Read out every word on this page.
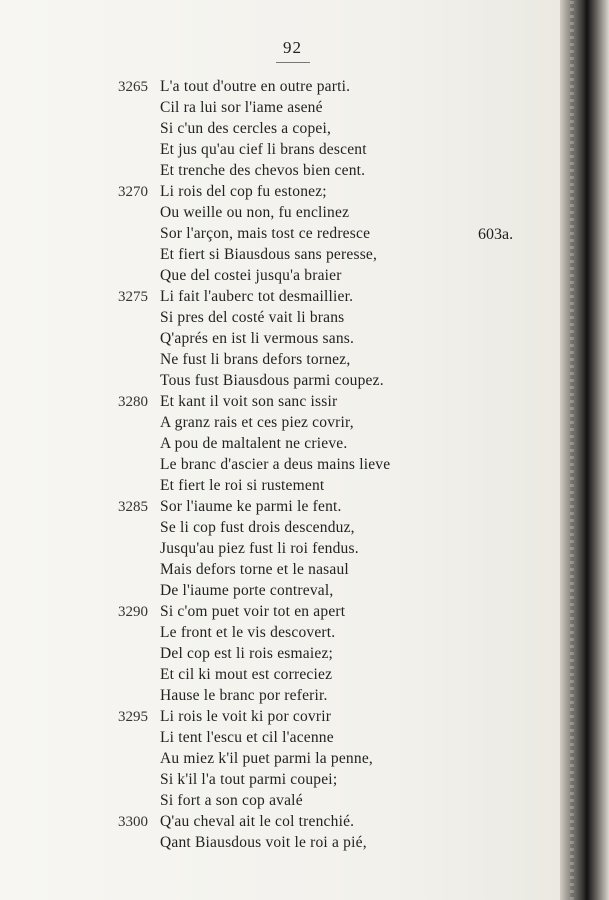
92
3265 L'a tout d'outre en outre parti.
Cil ra lui sor l'iame asené
Si c'un des cercles a copei,
Et jus qu'au cief li brans descent
Et trenche des chevos bien cent.
3270 Li rois del cop fu estonez;
Ou weille ou non, fu enclinez
Sor l'arçon, mais tost ce redresce
Et fiert si Biausdous sans peresse,
Que del costei jusqu'a braier
3275 Li fait l'auberc tot desmaillier.
Si pres del costé vait li brans
Q'aprés en ist li vermous sans.
Ne fust li brans defors tornez,
Tous fust Biausdous parmi coupez.
3280 Et kant il voit son sanc issir
A granz rais et ces piez covrir,
A pou de maltalent ne crieve.
Le branc d'ascier a deus mains lieve
Et fiert le roi si rustement
3285 Sor l'iaume ke parmi le fent.
Se li cop fust drois descenduz,
Jusqu'au piez fust li roi fendus.
Mais defors torne et le nasaul
De l'iaume porte contreval,
3290 Si c'om puet voir tot en apert
Le front et le vis descovert.
Del cop est li rois esmaiez;
Et cil ki mout est correciez
Hause le branc por referir.
3295 Li rois le voit ki por covrir
Li tent l'escu et cil l'acenne
Au miez k'il puet parmi la penne,
Si k'il l'a tout parmi coupei;
Si fort a son cop avalé
3300 Q'au cheval ait le col trenchié.
Qant Biausdous voit le roi a pié,
603a.
